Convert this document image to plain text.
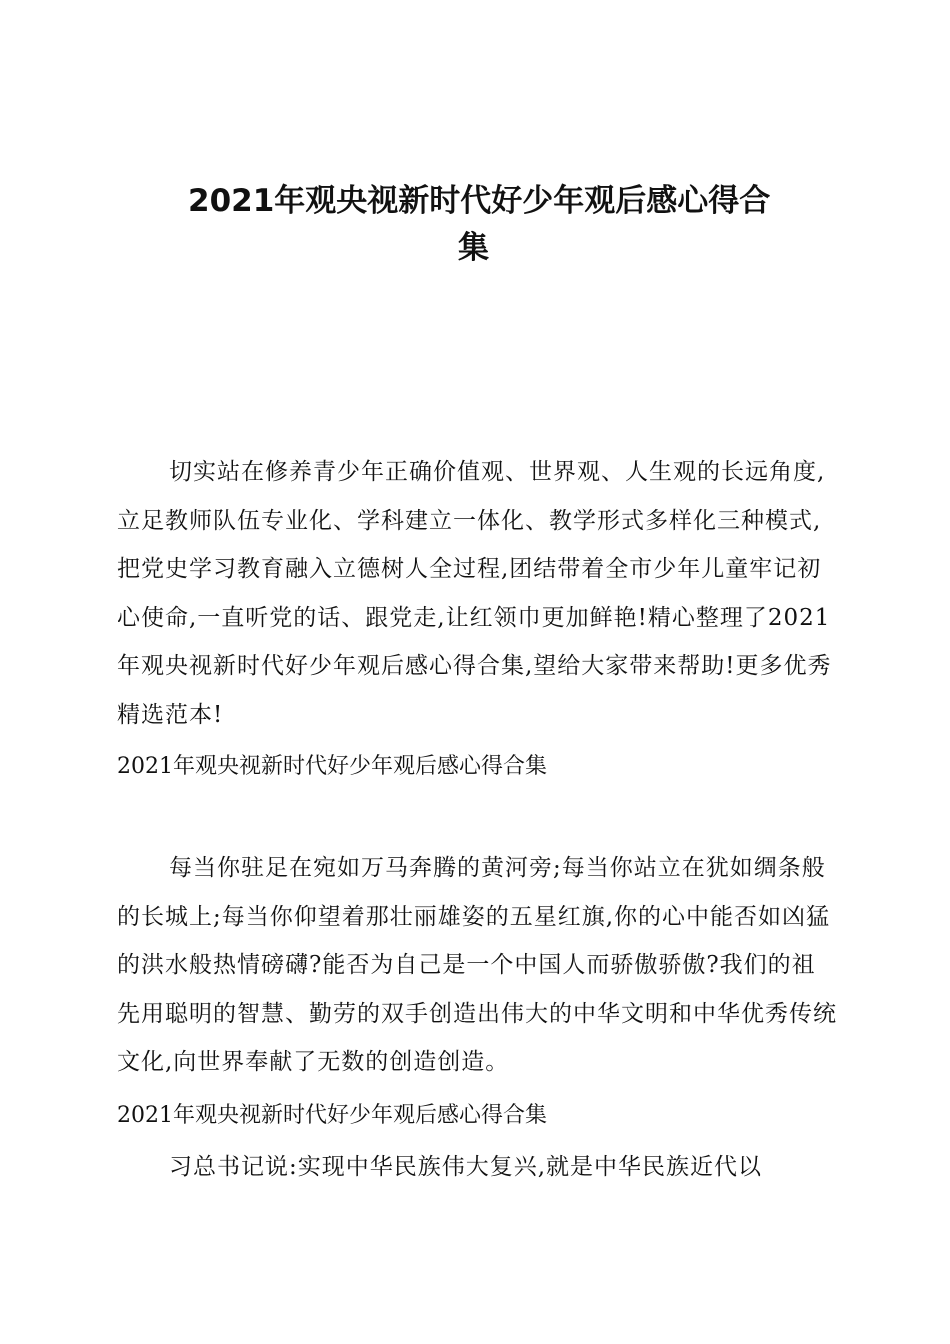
2021年观央视新时代好少年观后感心得合
集

切实站在修养青少年正确价值观、世界观、人生观的长远角度,立足教师队伍专业化、学科建立一体化、教学形式多样化三种模式,把党史学习教育融入立德树人全过程,团结带着全市少年儿童牢记初心使命,一直听党的话、跟党走,让红领巾更加鲜艳!精心整理了2021年观央视新时代好少年观后感心得合集,望给大家带来帮助!更多优秀精选范本!

2021年观央视新时代好少年观后感心得合集

每当你驻足在宛如万马奔腾的黄河旁;每当你站立在犹如绸条般的长城上;每当你仰望着那壮丽雄姿的五星红旗,你的心中能否如凶猛的洪水般热情磅礴?能否为自己是一个中国人而骄傲骄傲?我们的祖先用聪明的智慧、勤劳的双手创造出伟大的中华文明和中华优秀传统文化,向世界奉献了无数的创造创造。

2021年观央视新时代好少年观后感心得合集

习总书记说:实现中华民族伟大复兴,就是中华民族近代以
